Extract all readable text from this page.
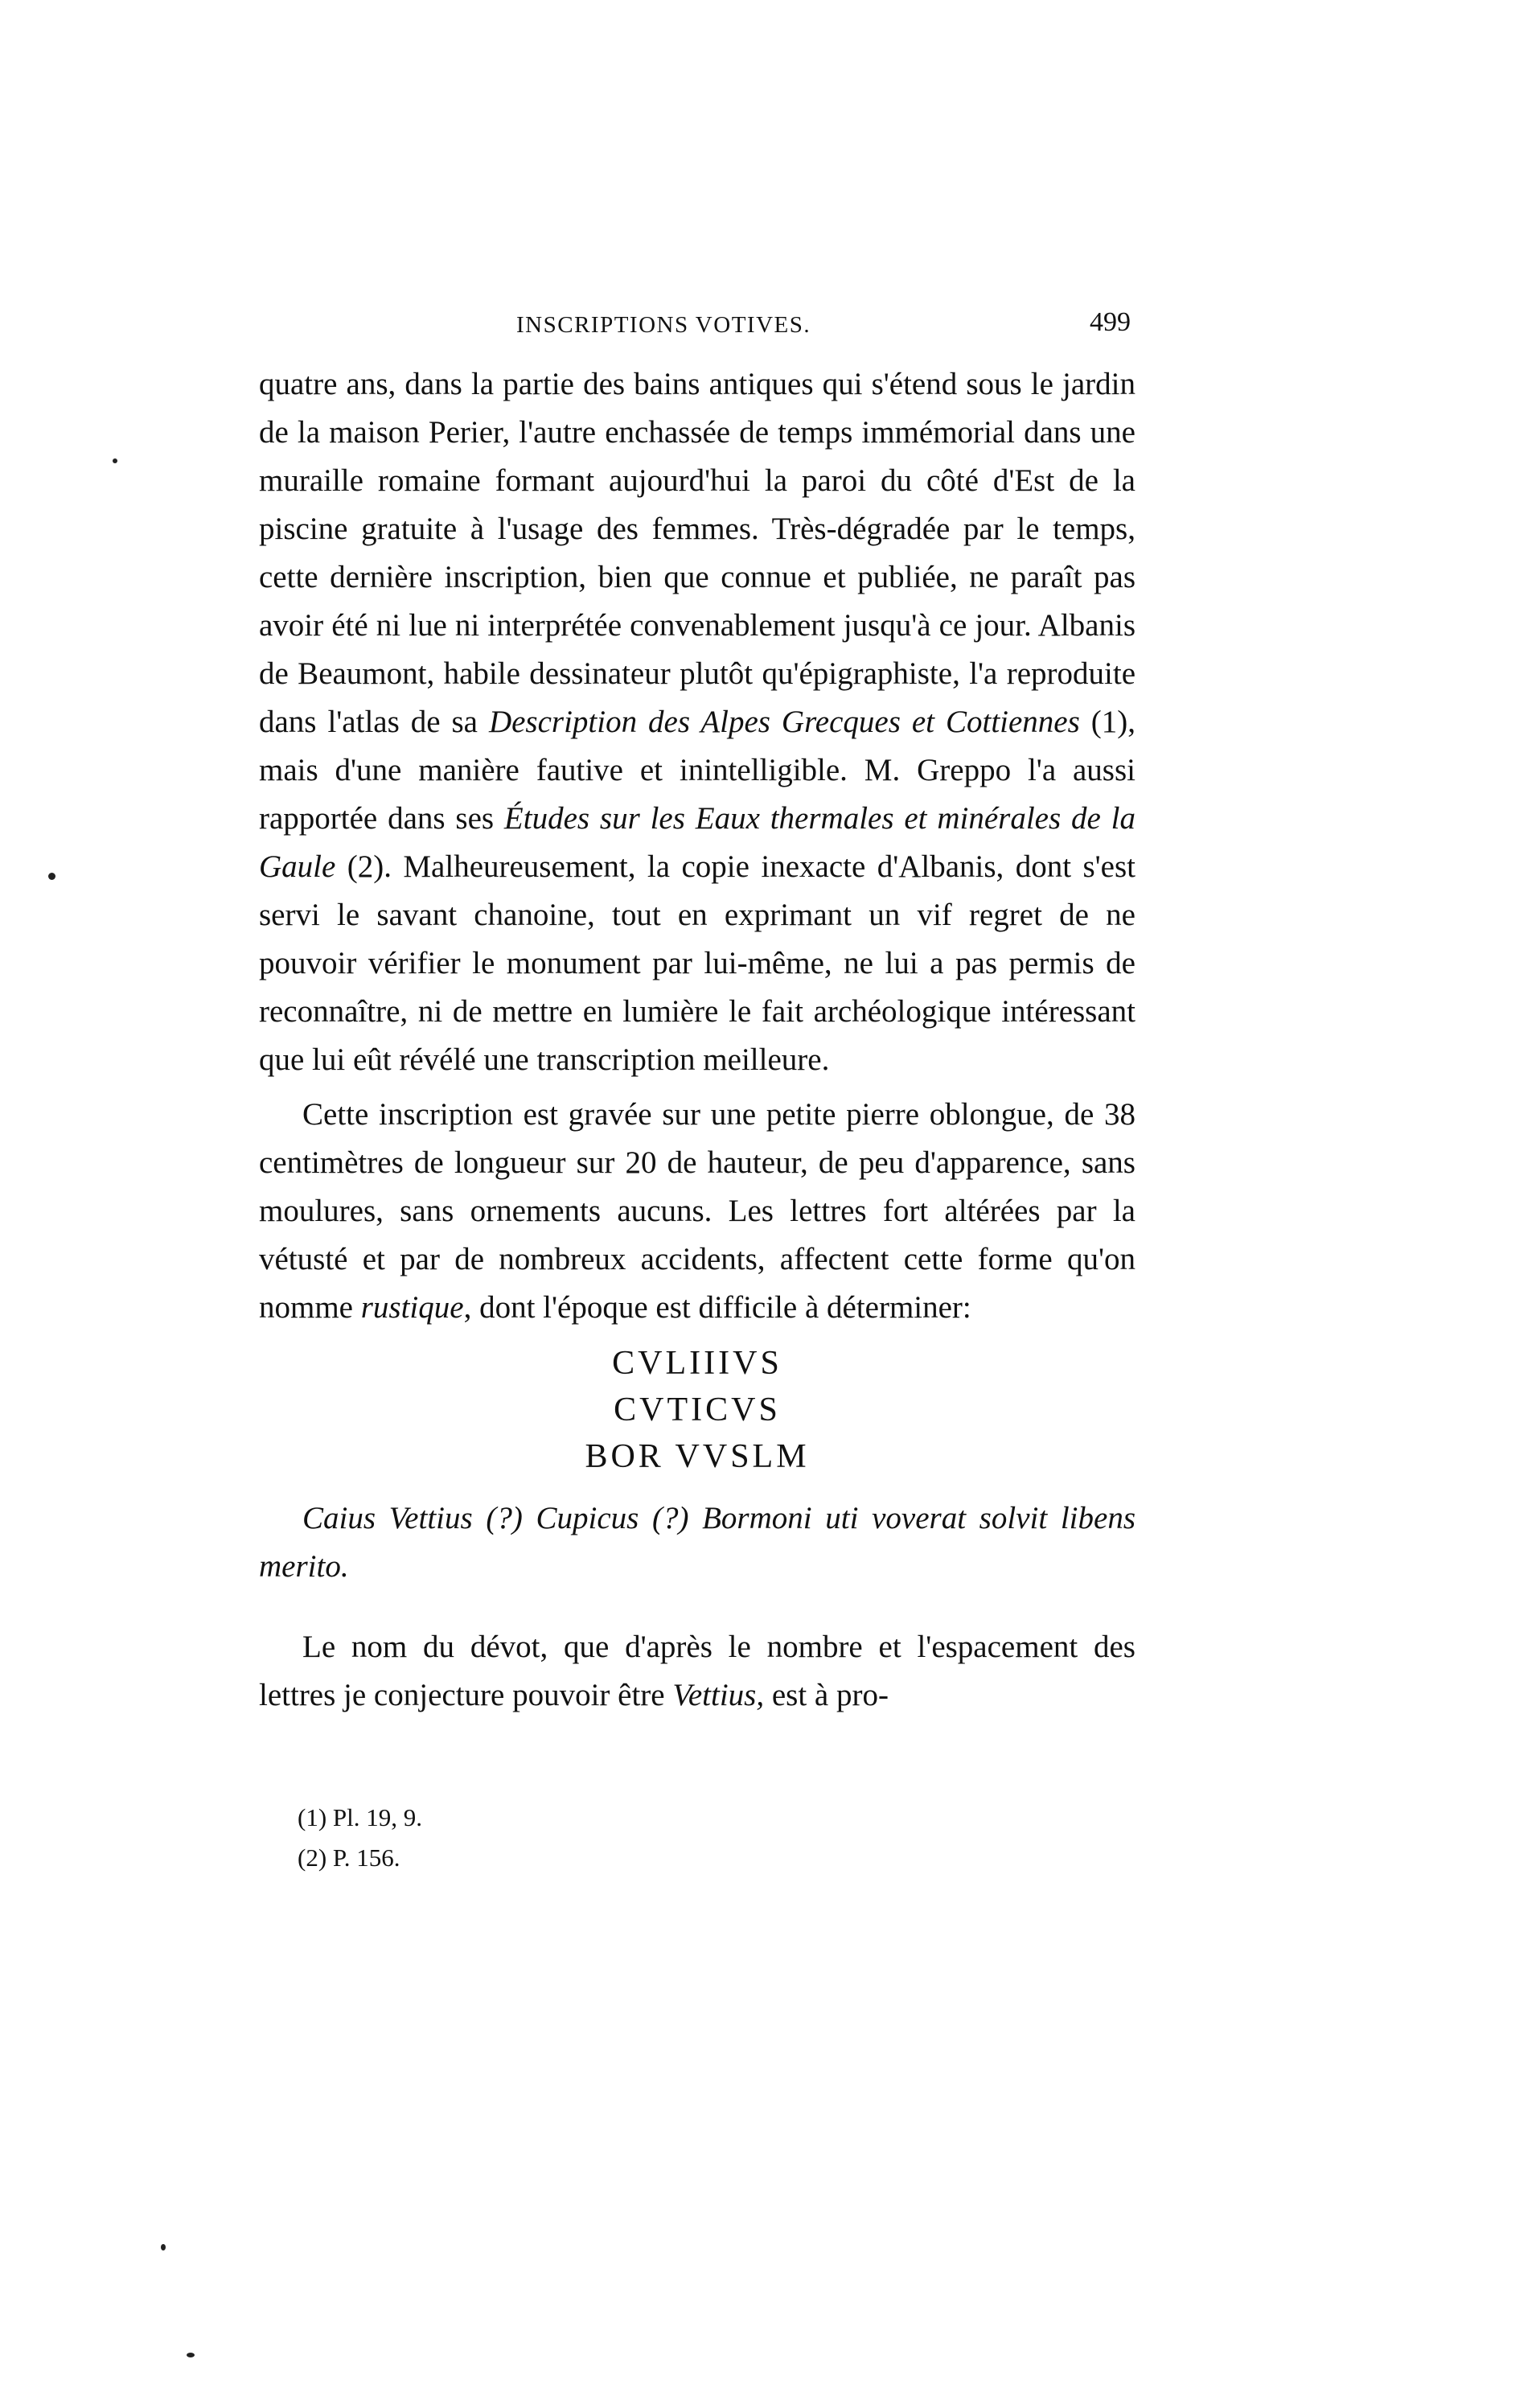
INSCRIPTIONS VOTIVES.	499

quatre ans, dans la partie des bains antiques qui s'étend sous le jardin de la maison Perier, l'autre enchassée de temps immémorial dans une muraille romaine formant aujourd'hui la paroi du côté d'Est de la piscine gratuite à l'usage des femmes. Très-dégradée par le temps, cette dernière inscription, bien que connue et publiée, ne paraît pas avoir été ni lue ni interprétée convenablement jusqu'à ce jour. Albanis de Beaumont, habile dessinateur plutôt qu'épigraphiste, l'a reproduite dans l'atlas de sa Description des Alpes Grecques et Cottiennes (1), mais d'une manière fautive et inintelligible. M. Greppo l'a aussi rapportée dans ses Études sur les Eaux thermales et minérales de la Gaule (2). Malheureusement, la copie inexacte d'Albanis, dont s'est servi le savant chanoine, tout en exprimant un vif regret de ne pouvoir vérifier le monument par lui-même, ne lui a pas permis de reconnaître, ni de mettre en lumière le fait archéologique intéressant que lui eût révélé une transcription meilleure.

Cette inscription est gravée sur une petite pierre oblongue, de 38 centimètres de longueur sur 20 de hauteur, de peu d'apparence, sans moulures, sans ornements aucuns. Les lettres fort altérées par la vétusté et par de nombreux accidents, affectent cette forme qu'on nomme rustique, dont l'époque est difficile à déterminer:

CVLIIIVS
CVTICVS
BOR VVSLM

Caius Vettius (?) Cupicus (?) Bormoni uti voverat solvit libens merito.

Le nom du dévot, que d'après le nombre et l'espacement des lettres je conjecture pouvoir être Vettius, est à pro-

(1) Pl. 19, 9.
(2) P. 156.
